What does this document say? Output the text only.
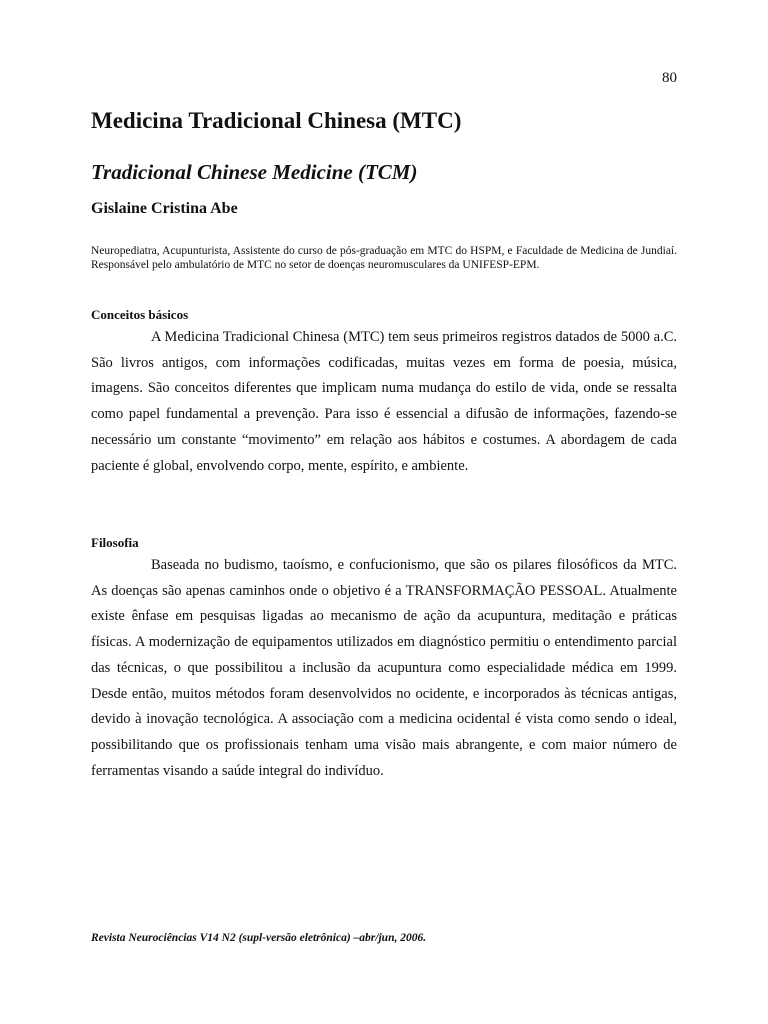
80
Medicina Tradicional Chinesa (MTC)
Tradicional Chinese Medicine (TCM)

Gislaine Cristina Abe

Neuropediatra, Acupunturista, Assistente do curso de pós-graduação em MTC do HSPM, e Faculdade de Medicina de Jundiaí. Responsável pelo ambulatório de MTC no setor de doenças neuromusculares da UNIFESP-EPM.

Conceitos básicos

A Medicina Tradicional Chinesa (MTC) tem seus primeiros registros datados de 5000 a.C. São livros antigos, com informações codificadas, muitas vezes em forma de poesia, música, imagens. São conceitos diferentes que implicam numa mudança do estilo de vida, onde se ressalta como papel fundamental a prevenção. Para isso é essencial a difusão de informações, fazendo-se necessário um constante “movimento” em relação aos hábitos e costumes. A abordagem de cada paciente é global, envolvendo corpo, mente, espírito, e ambiente.

Filosofia

Baseada no budismo, taoísmo, e confucionismo, que são os pilares filosóficos da MTC. As doenças são apenas caminhos onde o objetivo é a TRANSFORMAÇÃO PESSOAL. Atualmente existe ênfase em pesquisas ligadas ao mecanismo de ação da acupuntura, meditação e práticas físicas. A modernização de equipamentos utilizados em diagnóstico permitiu o entendimento parcial das técnicas, o que possibilitou a inclusão da acupuntura como especialidade médica em 1999. Desde então, muitos métodos foram desenvolvidos no ocidente, e incorporados às técnicas antigas, devido à inovação tecnológica. A associação com a medicina ocidental é vista como sendo o ideal, possibilitando que os profissionais tenham uma visão mais abrangente, e com maior número de ferramentas visando a saúde integral do indivíduo.

Revista Neurociências V14 N2 (supl-versão eletrônica) –abr/jun, 2006.
